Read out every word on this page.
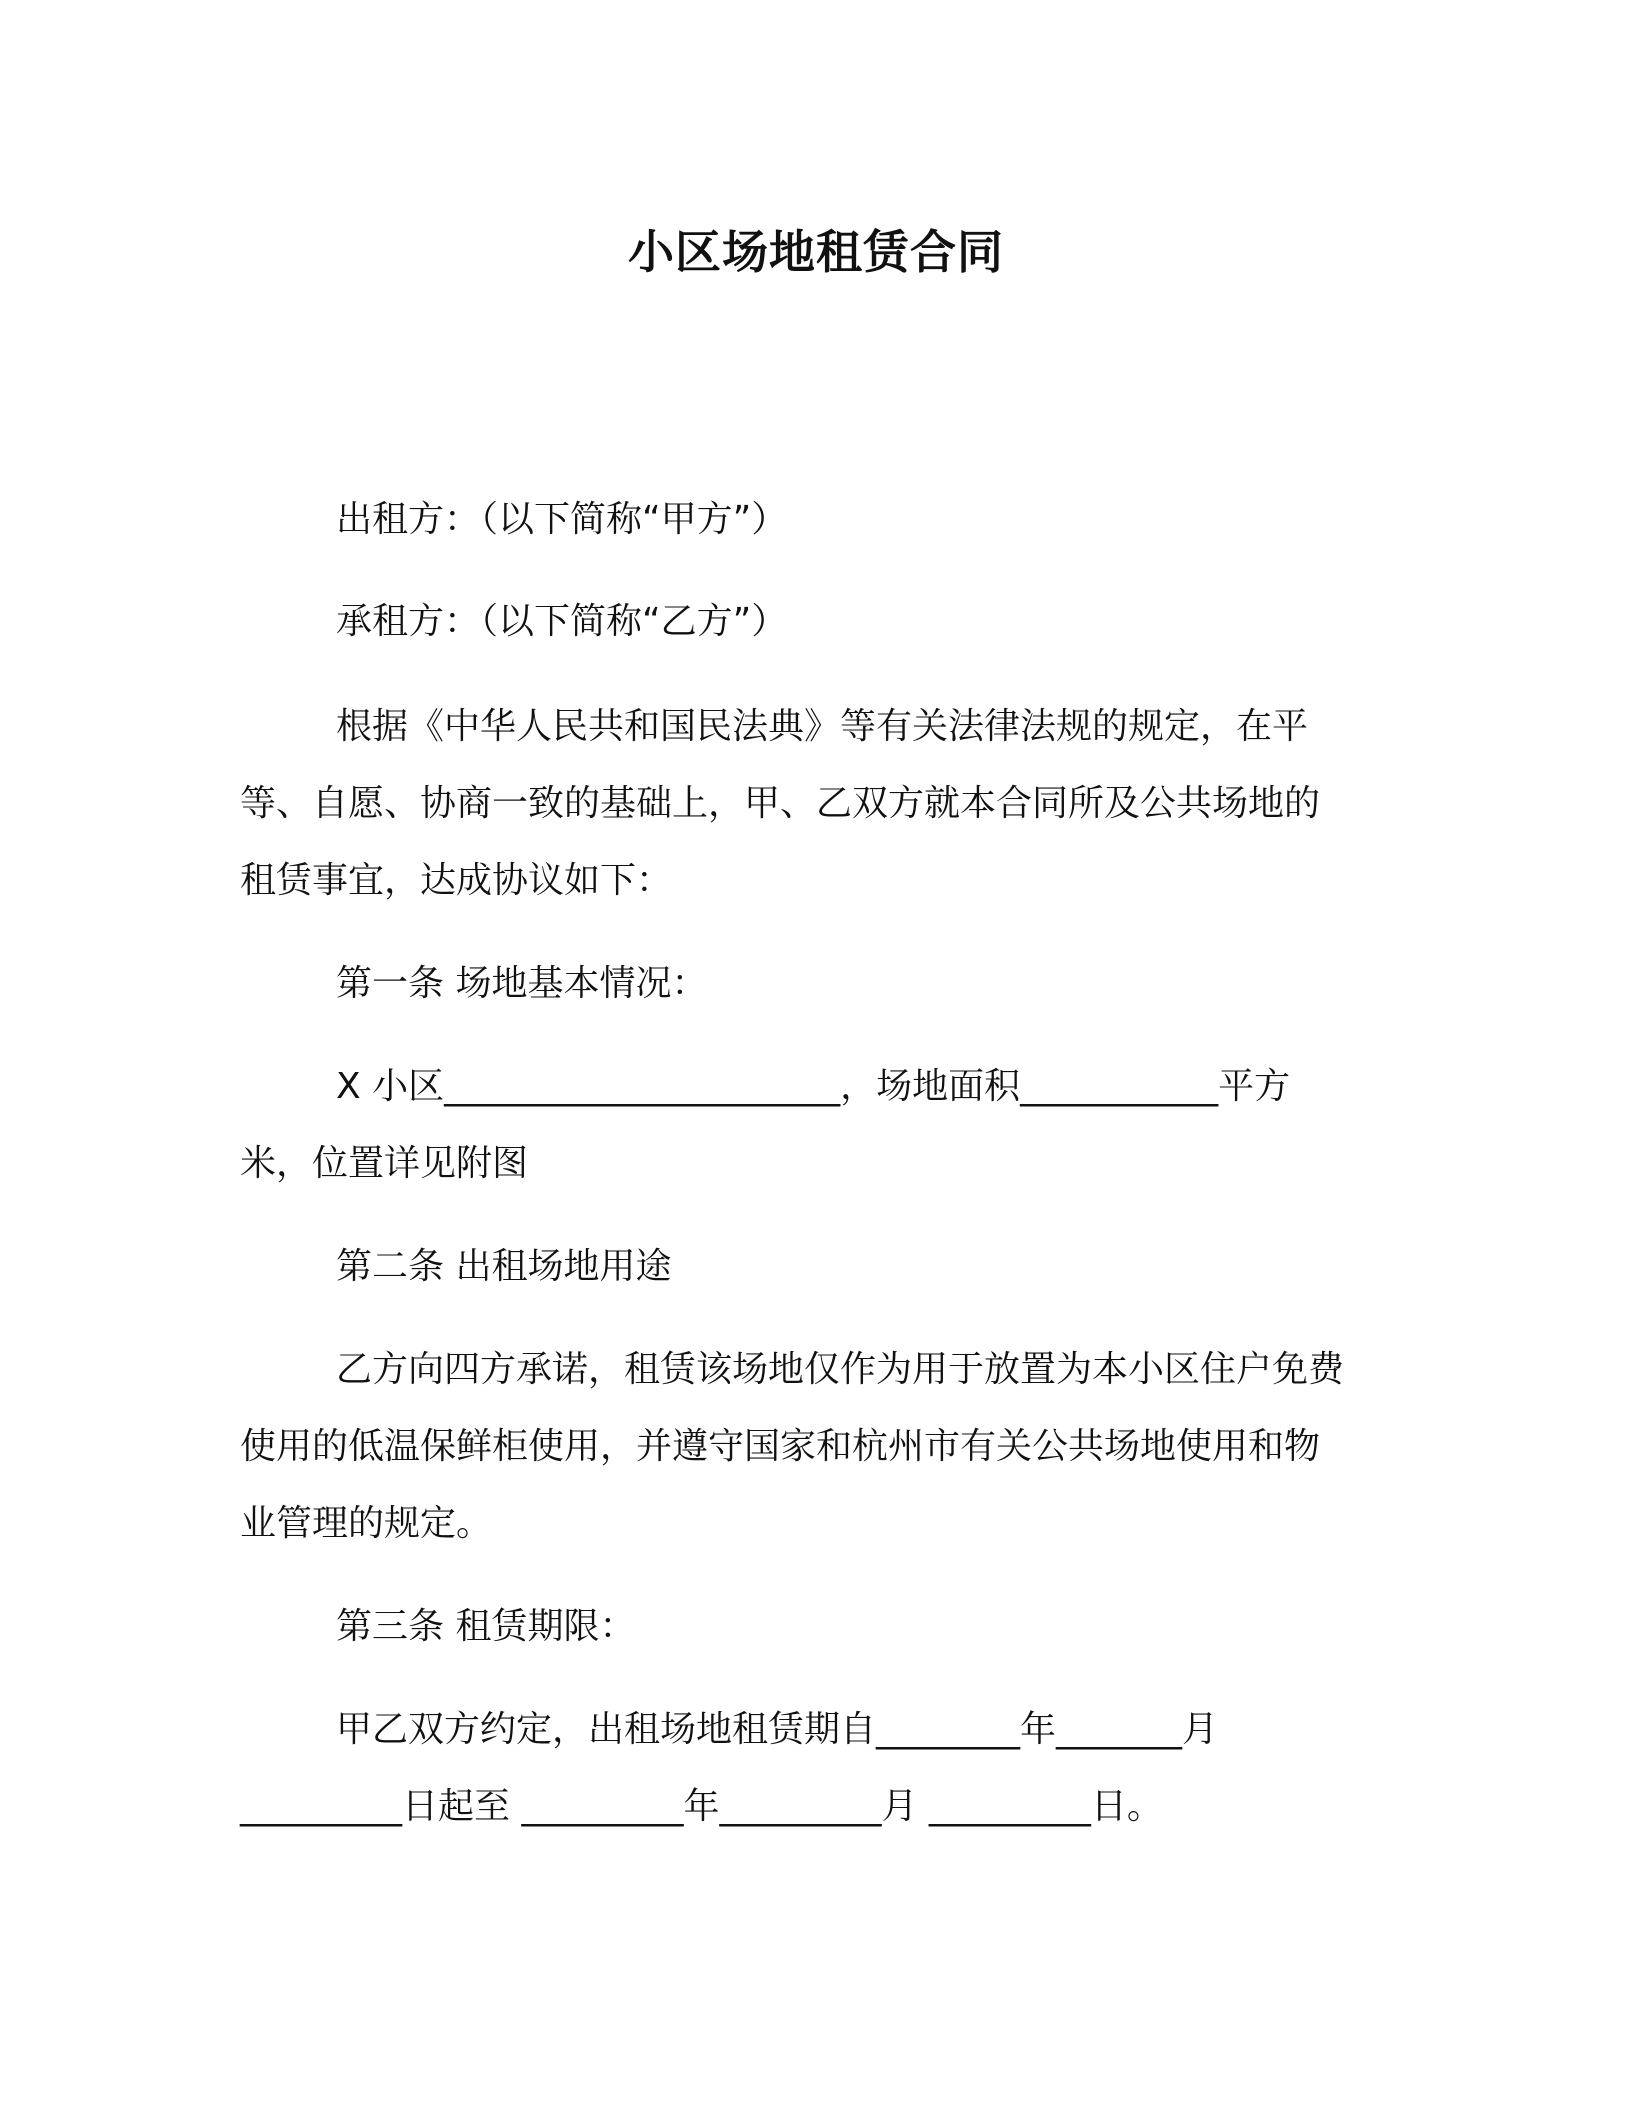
小区场地租赁合同
出租方：（以下简称“甲方”）
承租方：（以下简称“乙方”）
根据《中华人民共和国民法典》等有关法律法规的规定，在平
等、自愿、协商一致的基础上，甲、乙双方就本合同所及公共场地的
租赁事宜，达成协议如下：
第一条 场地基本情况：
X 小区______________________，场地面积___________平方
米，位置详见附图
第二条 出租场地用途
乙方向四方承诺，租赁该场地仅作为用于放置为本小区住户免费
使用的低温保鲜柜使用，并遵守国家和杭州市有关公共场地使用和物
业管理的规定。
第三条 租赁期限：
甲乙双方约定，出租场地租赁期自________年_______月
_________日起至 _________年_________月 _________日。
